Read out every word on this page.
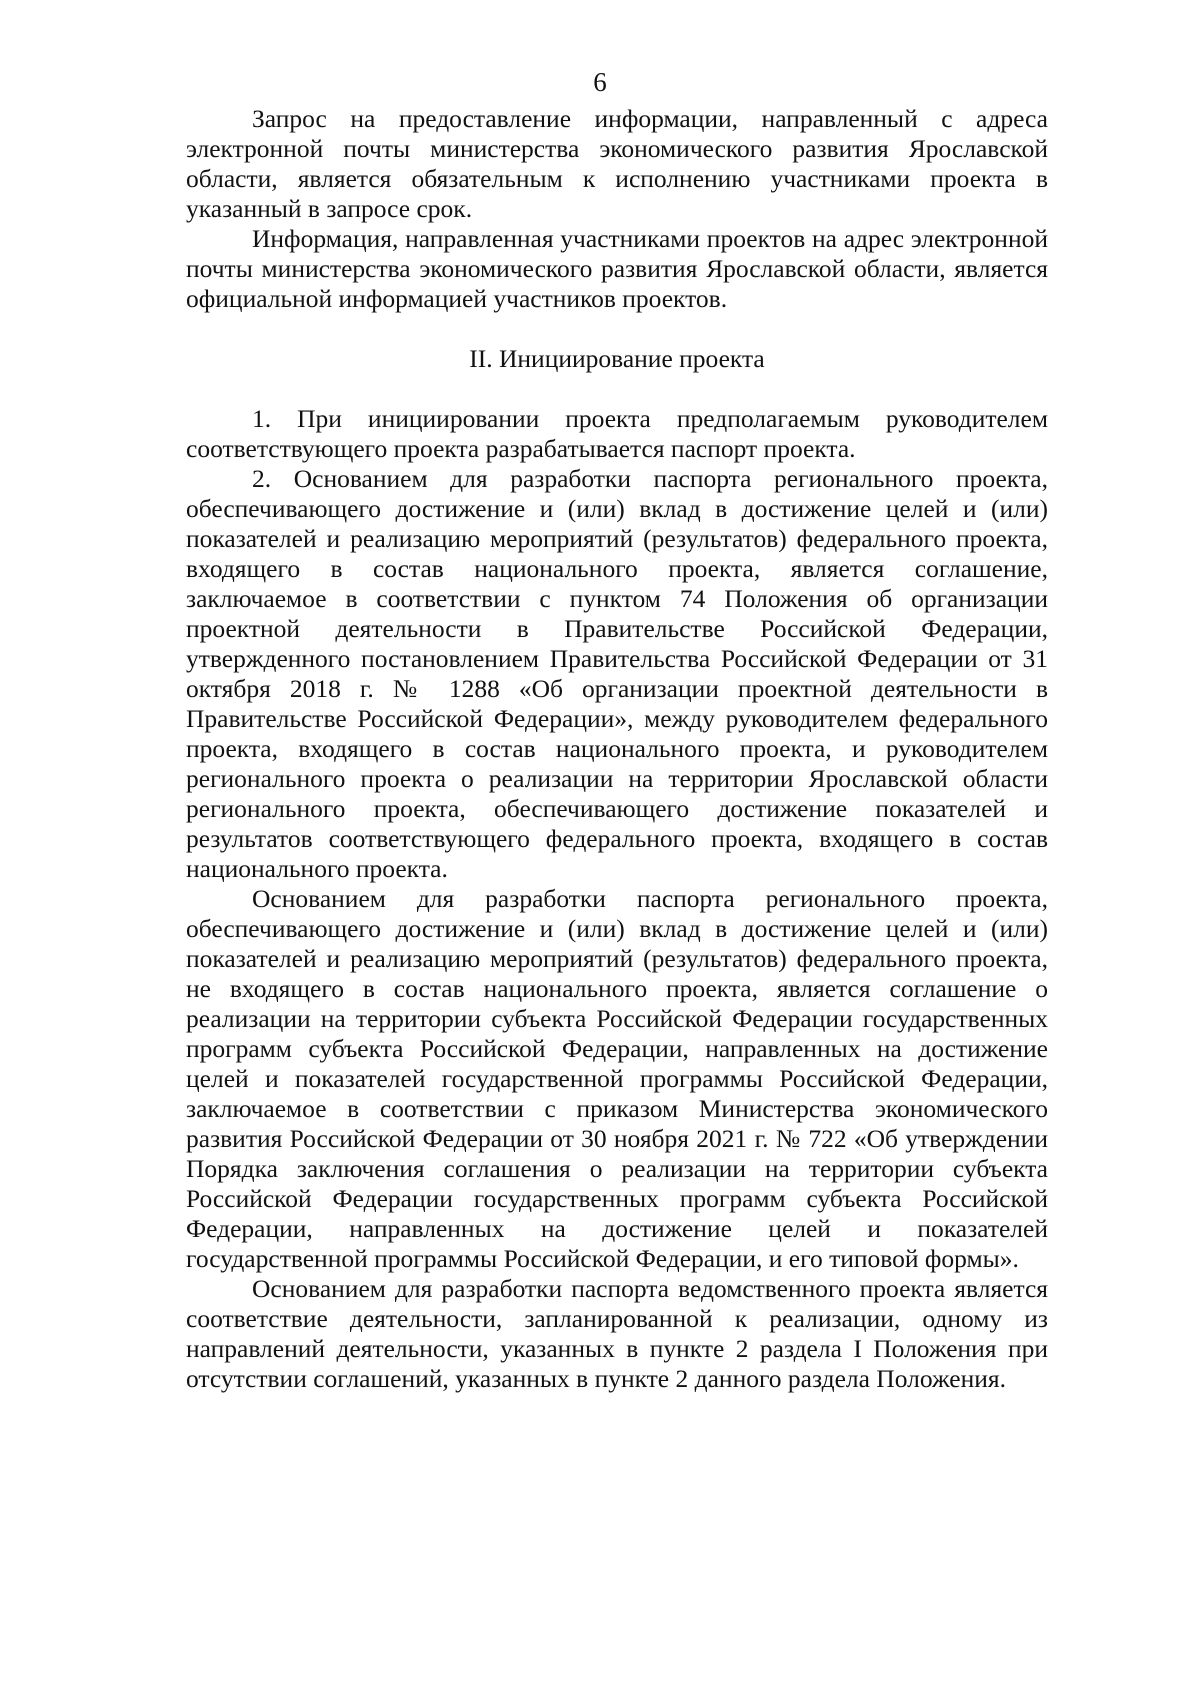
6

Запрос на предоставление информации, направленный с адреса электронной почты министерства экономического развития Ярославской области, является обязательным к исполнению участниками проекта в указанный в запросе срок.

Информация, направленная участниками проектов на адрес электронной почты министерства экономического развития Ярославской области, является официальной информацией участников проектов.

II. Инициирование проекта

1. При инициировании проекта предполагаемым руководителем соответствующего проекта разрабатывается паспорт проекта.

2. Основанием для разработки паспорта регионального проекта, обеспечивающего достижение и (или) вклад в достижение целей и (или) показателей и реализацию мероприятий (результатов) федерального проекта, входящего в состав национального проекта, является соглашение, заключаемое в соответствии с пунктом 74 Положения об организации проектной деятельности в Правительстве Российской Федерации, утвержденного постановлением Правительства Российской Федерации от 31 октября 2018 г. № 1288 «Об организации проектной деятельности в Правительстве Российской Федерации», между руководителем федерального проекта, входящего в состав национального проекта, и руководителем регионального проекта о реализации на территории Ярославской области регионального проекта, обеспечивающего достижение показателей и результатов соответствующего федерального проекта, входящего в состав национального проекта.

Основанием для разработки паспорта регионального проекта, обеспечивающего достижение и (или) вклад в достижение целей и (или) показателей и реализацию мероприятий (результатов) федерального проекта, не входящего в состав национального проекта, является соглашение о реализации на территории субъекта Российской Федерации государственных программ субъекта Российской Федерации, направленных на достижение целей и показателей государственной программы Российской Федерации, заключаемое в соответствии с приказом Министерства экономического развития Российской Федерации от 30 ноября 2021 г. № 722 «Об утверждении Порядка заключения соглашения о реализации на территории субъекта Российской Федерации государственных программ субъекта Российской Федерации, направленных на достижение целей и показателей государственной программы Российской Федерации, и его типовой формы».

Основанием для разработки паспорта ведомственного проекта является соответствие деятельности, запланированной к реализации, одному из направлений деятельности, указанных в пункте 2 раздела I Положения при отсутствии соглашений, указанных в пункте 2 данного раздела Положения.
